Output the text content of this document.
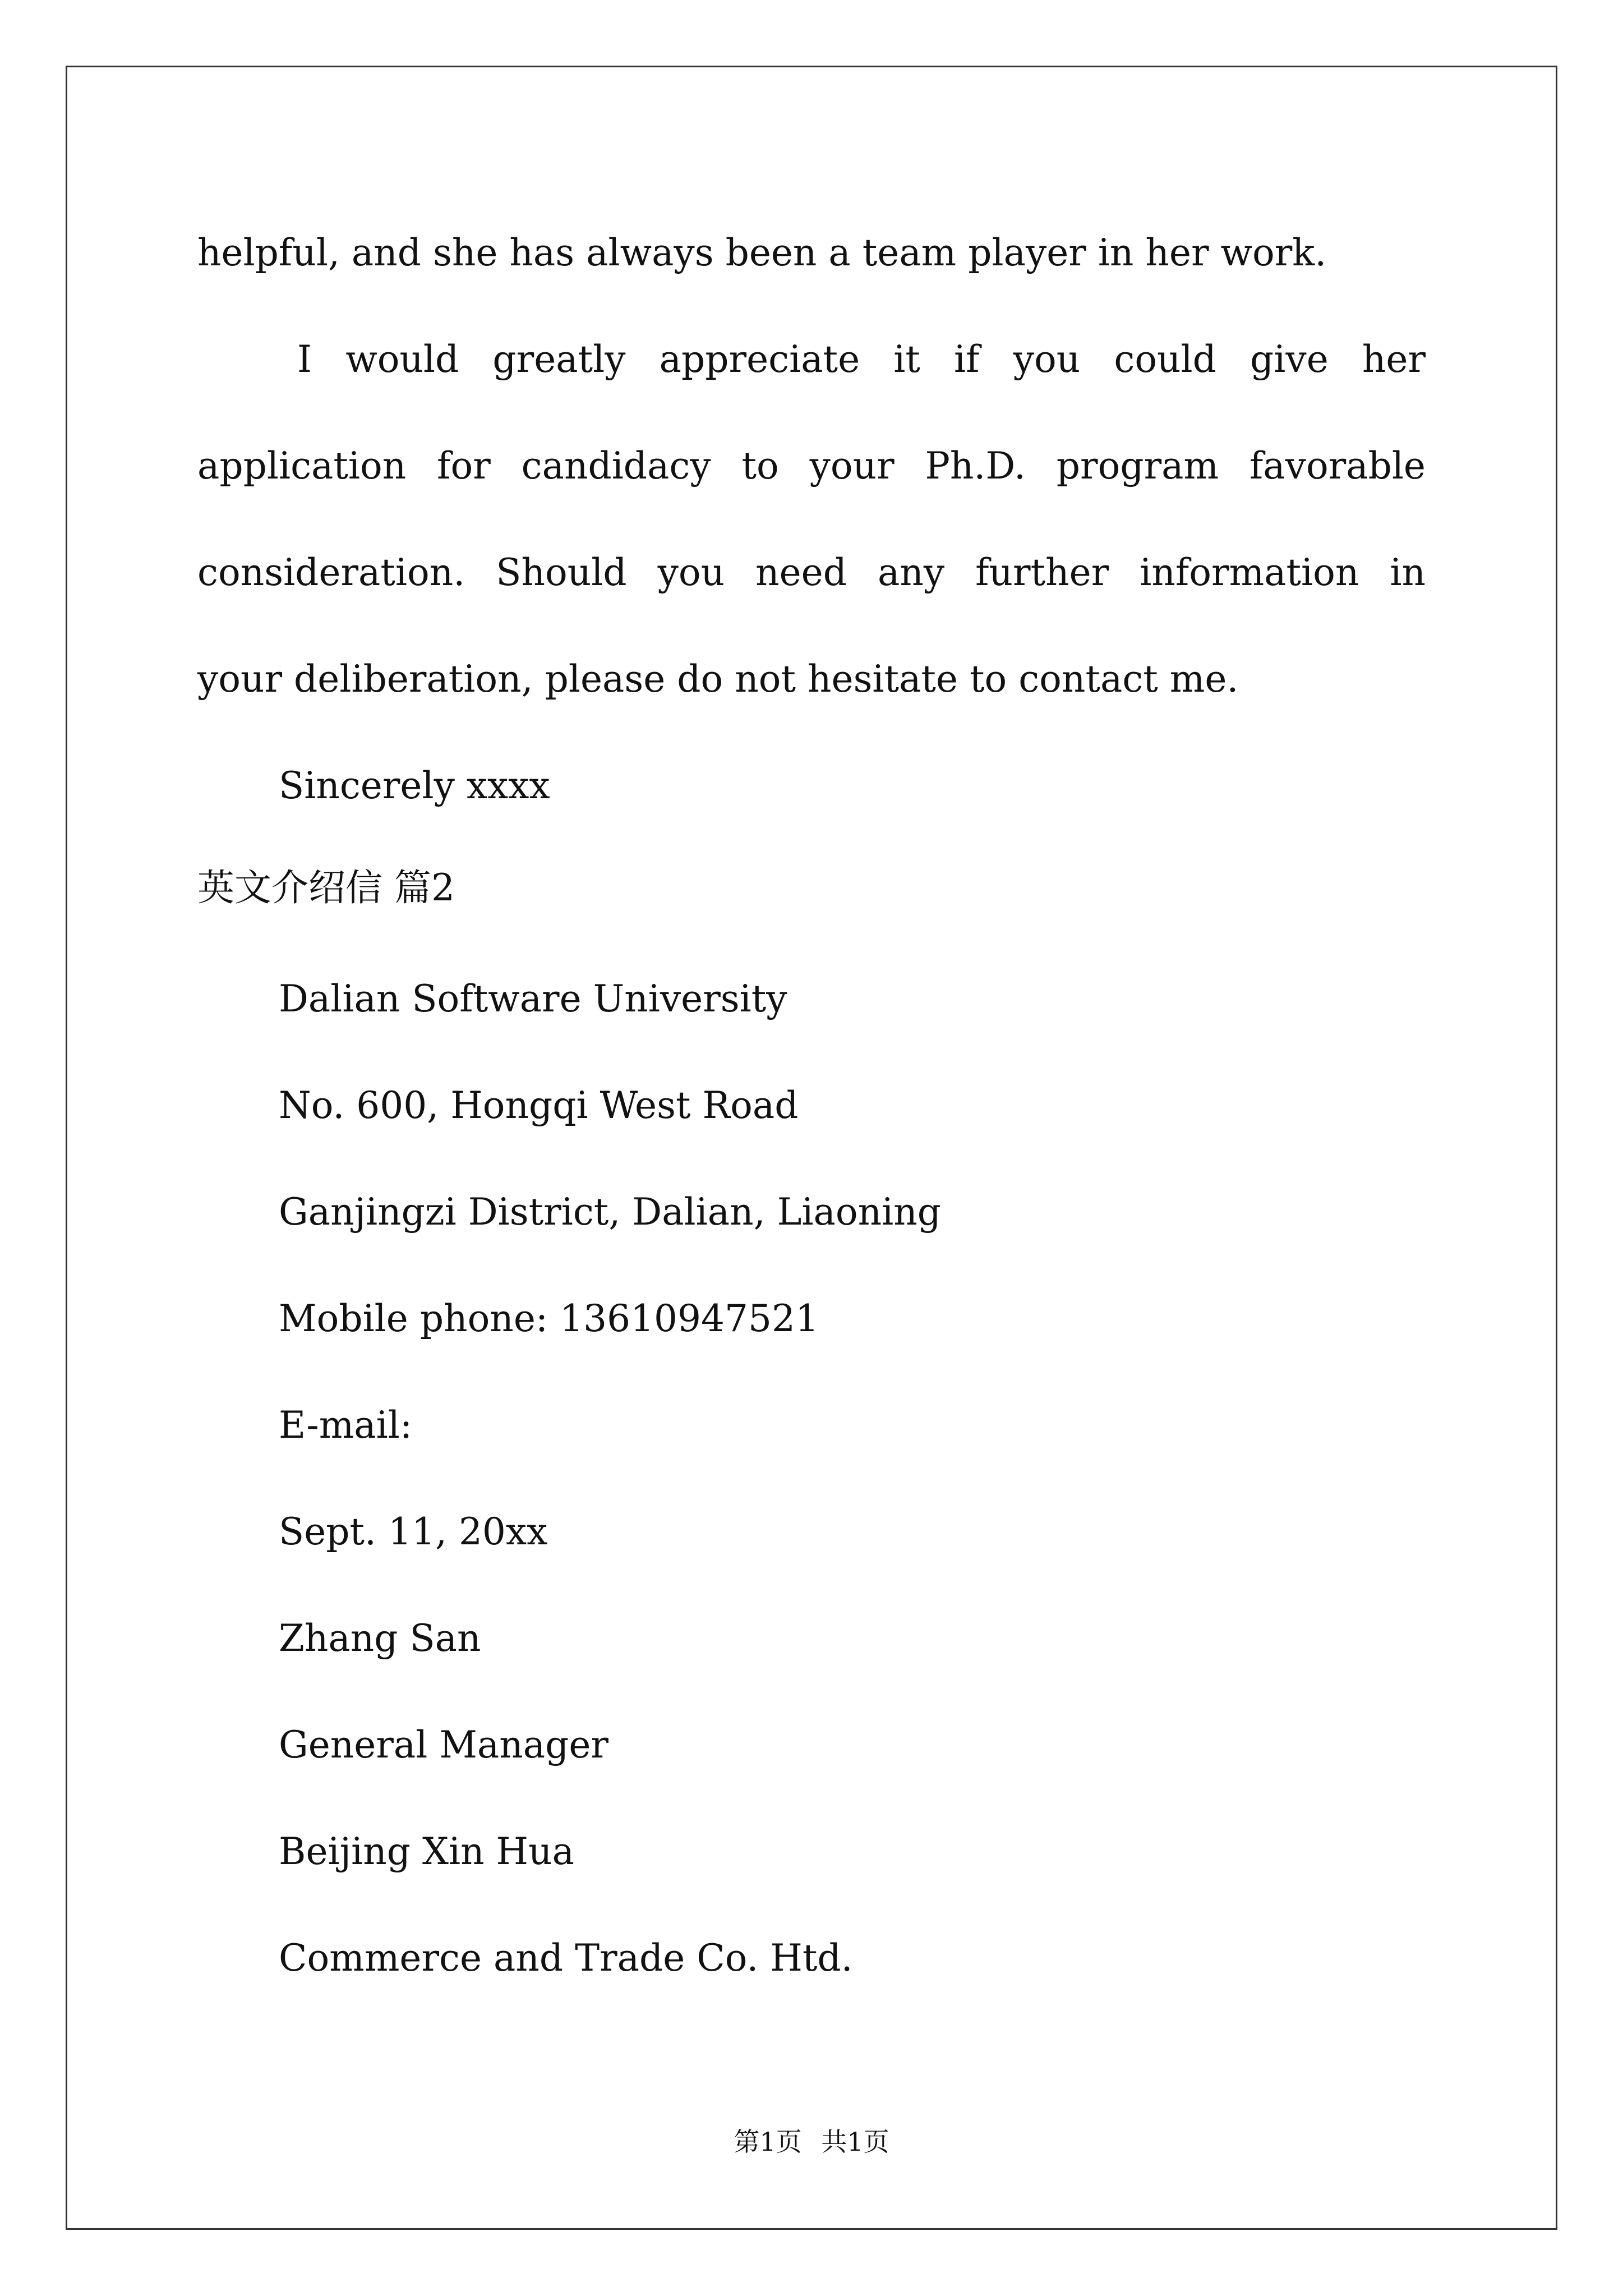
helpful, and she has always been a team player in her work.
I would greatly appreciate it if you could give her
application for candidacy to your Ph.D. program favorable
consideration. Should you need any further information in
your deliberation, please do not hesitate to contact me.
Sincerely xxxx
英文介绍信 篇2
Dalian Software University
No. 600, Hongqi West Road
Ganjingzi District, Dalian, Liaoning
Mobile phone: 13610947521
E-mail:
Sept. 11, 20xx
Zhang San
General Manager
Beijing Xin Hua
Commerce and Trade Co. Htd.
第1页 共1页
